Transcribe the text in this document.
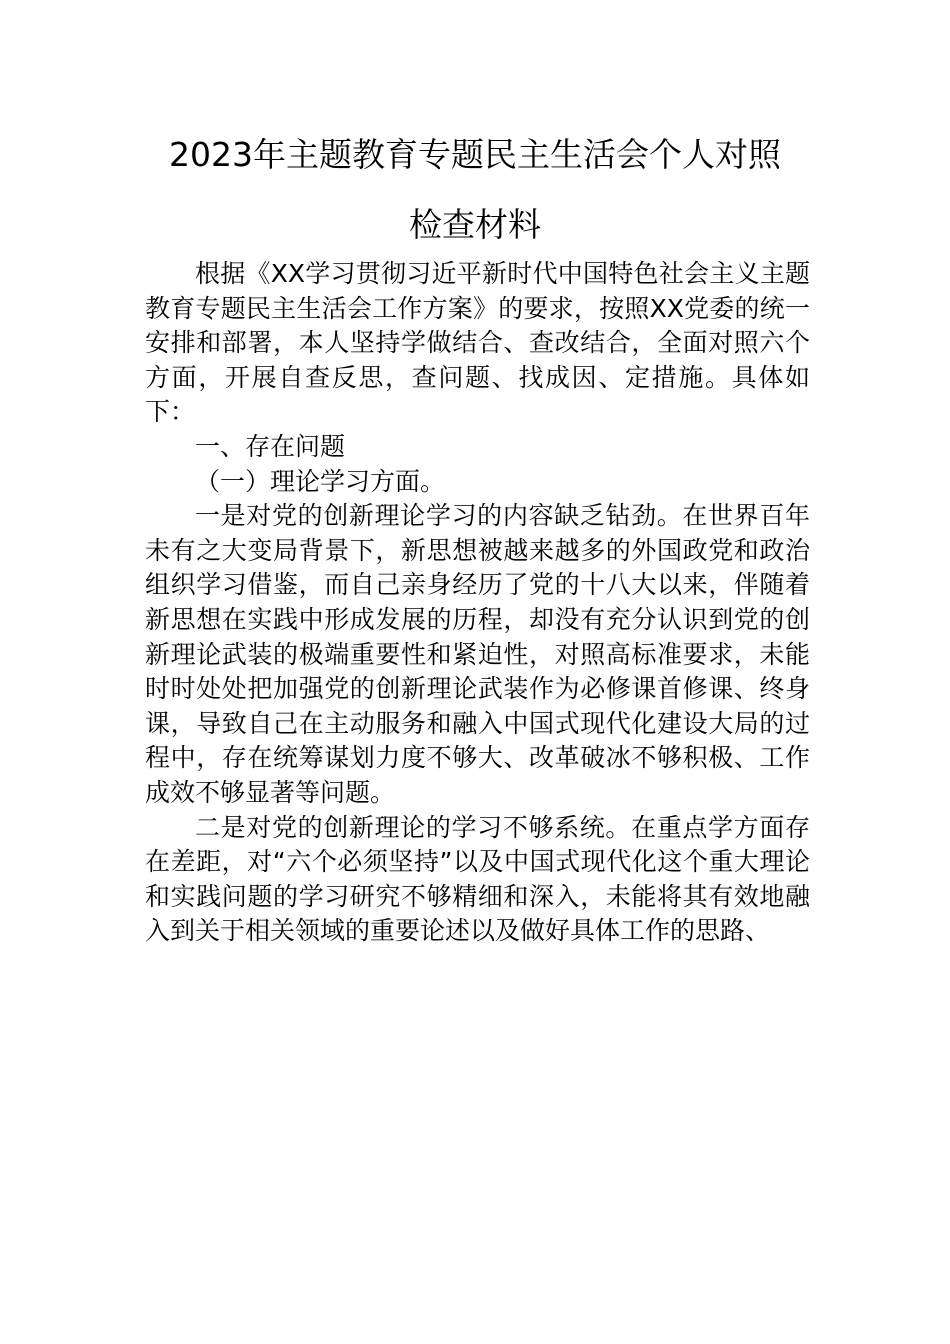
2023年主题教育专题民主生活会个人对照
检查材料

根据《XX学习贯彻习近平新时代中国特色社会主义主题教育专题民主生活会工作方案》的要求，按照XX党委的统一安排和部署，本人坚持学做结合、查改结合，全面对照六个方面，开展自查反思，查问题、找成因、定措施。具体如下：

一、存在问题

（一）理论学习方面。

一是对党的创新理论学习的内容缺乏钻劲。在世界百年未有之大变局背景下，新思想被越来越多的外国政党和政治组织学习借鉴，而自己亲身经历了党的十八大以来，伴随着新思想在实践中形成发展的历程，却没有充分认识到党的创新理论武装的极端重要性和紧迫性，对照高标准要求，未能时时处处把加强党的创新理论武装作为必修课首修课、终身课，导致自己在主动服务和融入中国式现代化建设大局的过程中，存在统筹谋划力度不够大、改革破冰不够积极、工作成效不够显著等问题。

二是对党的创新理论的学习不够系统。在重点学方面存在差距，对“六个必须坚持”以及中国式现代化这个重大理论和实践问题的学习研究不够精细和深入，未能将其有效地融入到关于相关领域的重要论述以及做好具体工作的思路、
